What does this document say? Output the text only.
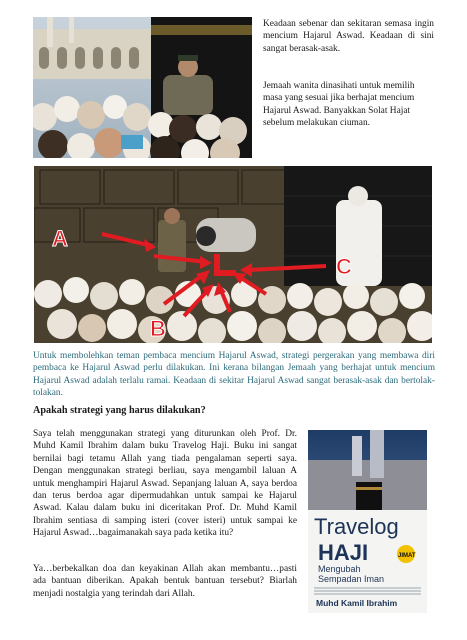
Keadaan sebenar dan sekitaran semasa ingin mencium Hajarul Aswad. Keadaan di sini sangat berasak-asak.

Jemaah wanita dinasihati untuk memilih masa yang sesuai jika berhajat mencium Hajarul Aswad. Banyakkan Solat Hajat sebelum melakukan ciuman.

A
C
B

Untuk membolehkan teman pembaca mencium Hajarul Aswad, strategi pergerakan yang membawa diri pembaca ke Hajarul Aswad perlu dilakukan. Ini kerana bilangan Jemaah yang berhajat untuk mencium Hajarul Aswad adalah terlalu ramai. Keadaan di sekitar Hajarul Aswad sangat berasak-asak dan bertolak-tolakan.

Apakah strategi yang harus dilakukan?

Saya telah menggunakan strategi yang diturunkan oleh Prof. Dr. Muhd Kamil Ibrahim dalam buku Travelog Haji. Buku ini sangat bernilai bagi tetamu Allah yang tiada pengalaman seperti saya. Dengan menggunakan strategi berliau, saya mengambil laluan A untuk menghampiri Hajarul Aswad. Sepanjang laluan A, saya berdoa dan terus berdoa agar dipermudahkan untuk sampai ke Hajarul Aswad. Kalau dalam buku ini diceritakan Prof. Dr. Muhd Kamil Ibrahim sentiasa di samping isteri (cover isteri) untuk sampai ke Hajarul Aswad…bagaimanakah saya pada ketika itu?

Ya…berbekalkan doa dan keyakinan Allah akan membantu…pasti ada bantuan diberikan. Apakah bentuk bantuan tersebut? Biarlah menjadi nostalgia yang terindah dari Allah.

Travelog
HAJI	JIMAT
Mengubah
Sempadan Iman
Muhd Kamil Ibrahim
